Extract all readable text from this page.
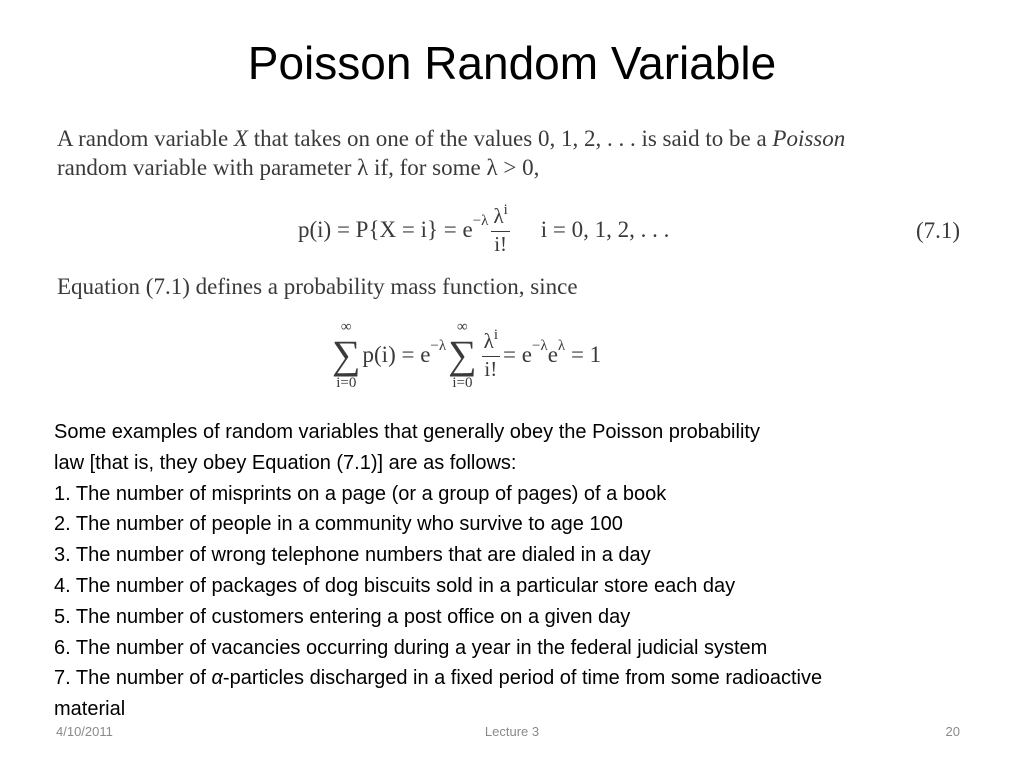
Poisson Random Variable

A random variable X that takes on one of the values 0, 1, 2, . . . is said to be a Poisson

random variable with parameter λ if, for some λ > 0,

$p(i) = P\{X = i\} = e -\lambda \frac{\lambda^i}{i!}$ i = 0, 1, 2, . . .	(7.1)
Equation (7.1) defines a probability mass function, since
∞
∑
i=0
p(i) = e −λ
∞
∑
i=0
$\frac{\lambda^i}{i!} = e -\lambda$ e λ
= 1

Some examples of random variables that generally obey the Poisson probability

law [that is, they obey Equation (7.1)] are as follows:

1. The number of misprints on a page (or a group of pages) of a book

2. The number of people in a community who survive to age 100

3. The number of wrong telephone numbers that are dialed in a day

4. The number of packages of dog biscuits sold in a particular store each day

5. The number of customers entering a post office on a given day

6. The number of vacancies occurring during a year in the federal judicial system

7. The number of α-particles discharged in a fixed period of time from some radioactive

material

4/10/2011	Lecture 3	20
